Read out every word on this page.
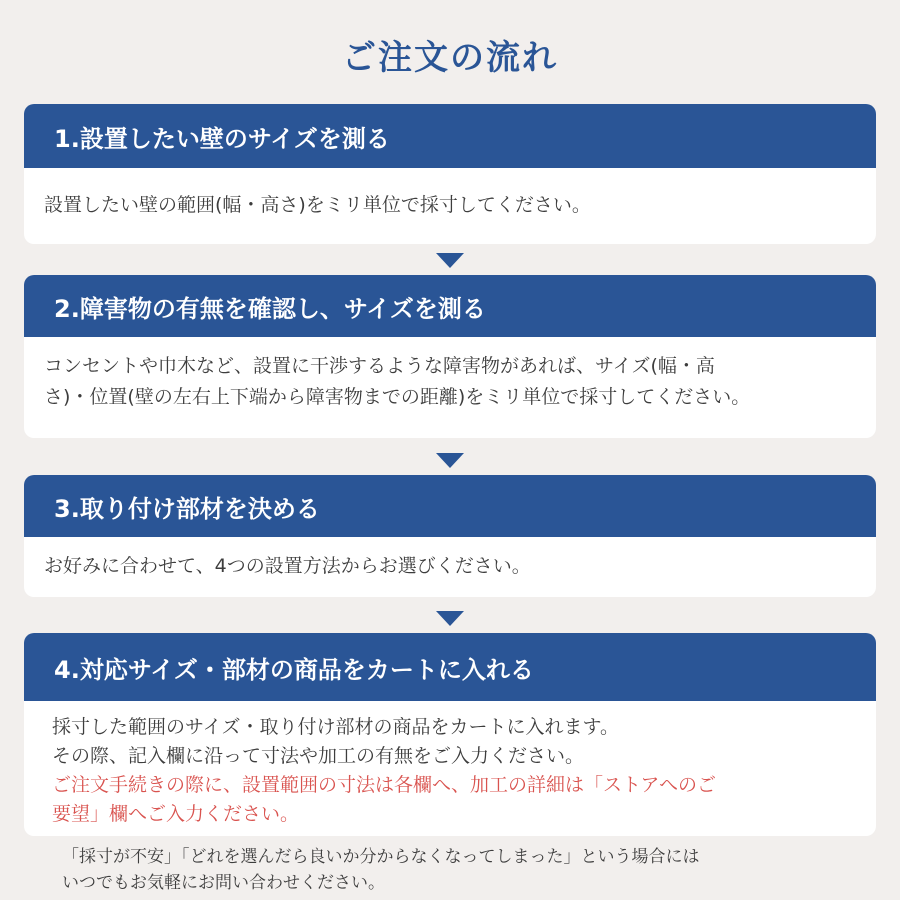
ご注文の流れ
1.設置したい壁のサイズを測る
設置したい壁の範囲(幅・高さ)をミリ単位で採寸してください。
2.障害物の有無を確認し、サイズを測る
コンセントや巾木など、設置に干渉するような障害物があれば、サイズ(幅・高
さ)・位置(壁の左右上下端から障害物までの距離)をミリ単位で採寸してください。
3.取り付け部材を決める
お好みに合わせて、4つの設置方法からお選びください。
4.対応サイズ・部材の商品をカートに入れる
採寸した範囲のサイズ・取り付け部材の商品をカートに入れます。
その際、記入欄に沿って寸法や加工の有無をご入力ください。
ご注文手続きの際に、設置範囲の寸法は各欄へ、加工の詳細は「ストアへのご
要望」欄へご入力ください。
「採寸が不安」「どれを選んだら良いか分からなくなってしまった」という場合には
いつでもお気軽にお問い合わせください。
